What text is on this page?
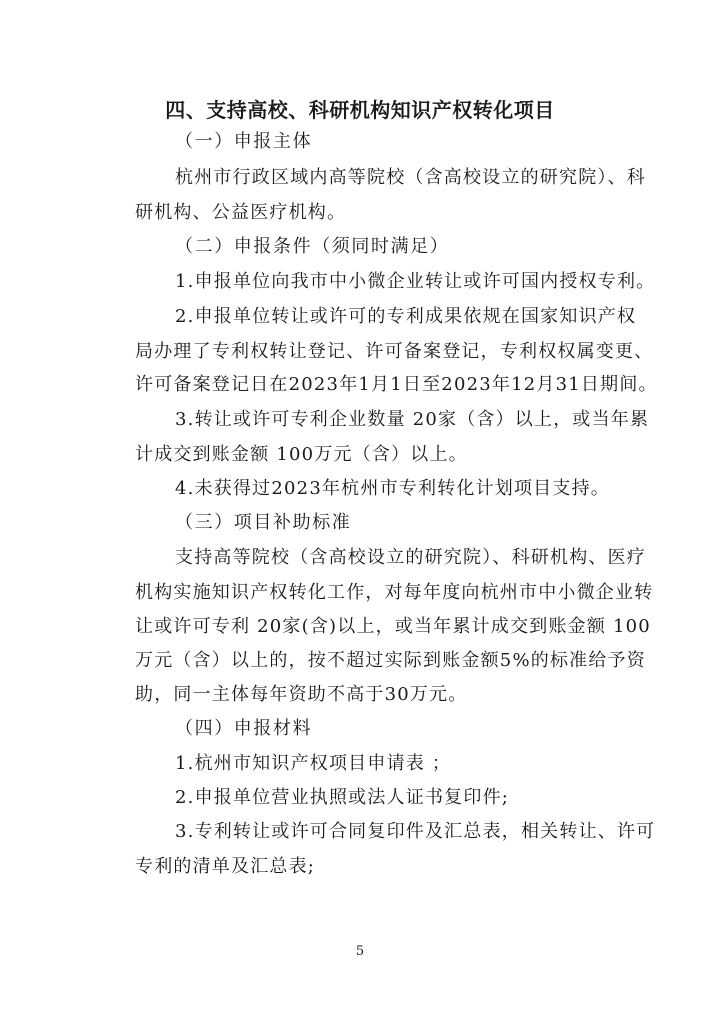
四、支持高校、科研机构知识产权转化项目
（一）申报主体
杭州市行政区域内高等院校（含高校设立的研究院）、科
研机构、公益医疗机构。
（二）申报条件（须同时满足）
1.申报单位向我市中小微企业转让或许可国内授权专利。
2.申报单位转让或许可的专利成果依规在国家知识产权
局办理了专利权转让登记、许可备案登记，专利权权属变更、
许可备案登记日在2023年1月1日至2023年12月31日期间。
3.转让或许可专利企业数量 20家（含）以上，或当年累
计成交到账金额 100万元（含）以上。
4.未获得过2023年杭州市专利转化计划项目支持。
（三）项目补助标准
支持高等院校（含高校设立的研究院）、科研机构、医疗
机构实施知识产权转化工作，对每年度向杭州市中小微企业转
让或许可专利 20家(含)以上，或当年累计成交到账金额 100
万元（含）以上的，按不超过实际到账金额5%的标准给予资
助，同一主体每年资助不高于30万元。
（四）申报材料
1.杭州市知识产权项目申请表 ；
2.申报单位营业执照或法人证书复印件;
3.专利转让或许可合同复印件及汇总表，相关转让、许可
专利的清单及汇总表;
5
